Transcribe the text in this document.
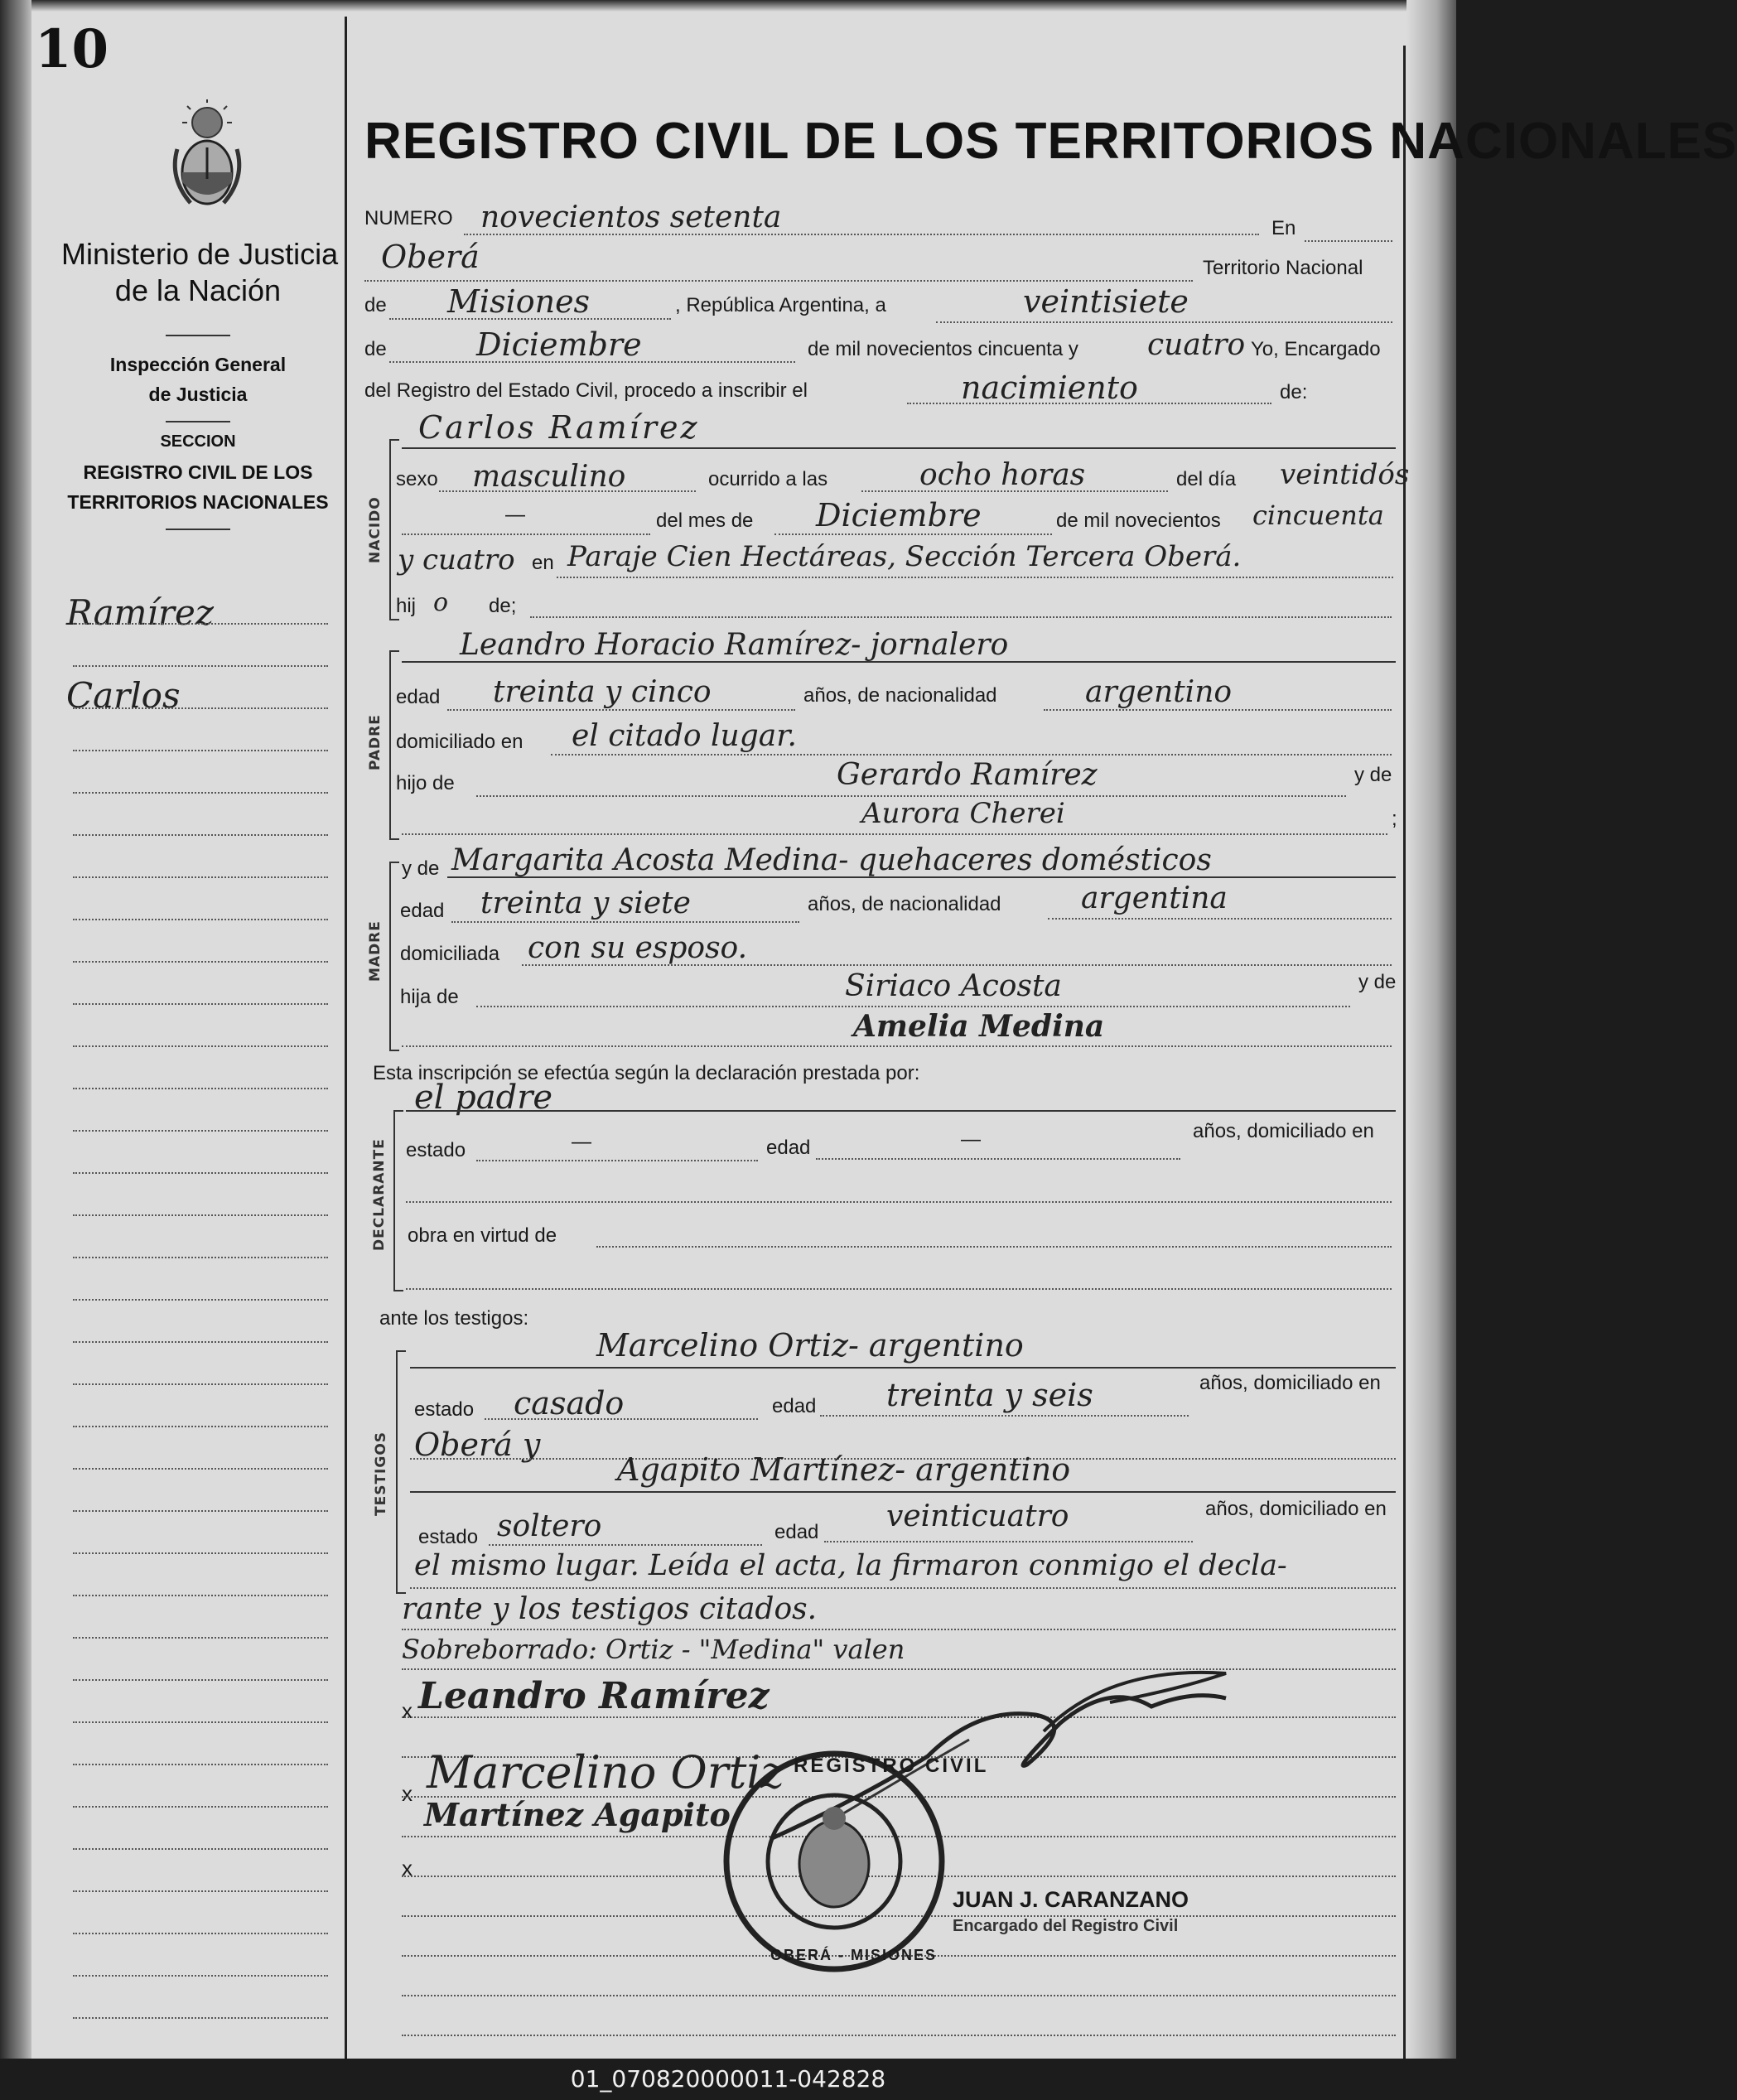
10
Ministerio de Justicia
de la Nación
Inspección General
de Justicia
SECCION
REGISTRO CIVIL DE LOS
TERRITORIOS NACIONALES
Ramírez
Carlos
REGISTRO CIVIL DE LOS TERRITORIOS NACIONALES
NUMERO novecientos setenta	En
Oberá	Territorio Nacional
de Misiones	, República Argentina, a	veintisiete
de	Diciembre	de mil novecientos cincuenta y cuatro Yo, Encargado
del Registro del Estado Civil, procedo a inscribir el	nacimiento	de:
NACIDO
Carlos Ramírez
sexo masculino	ocurrido a las	ocho horas	del día veintidós
—	del mes de Diciembre	de mil novecientos cincuenta
y cuatro en Paraje Cien Hectáreas, Sección Tercera Oberá.
hij o de;
PADRE
Leandro Horacio Ramírez- jornalero
edad treinta y cinco	años, de nacionalidad	argentino
domiciliado en el citado lugar.
hijo de	Gerardo Ramírez	y de
Aurora Cherei	;
MADRE
y de Margarita Acosta Medina- quehaceres domésticos
edad treinta y siete	años, de nacionalidad	argentina
domiciliada con su esposo.
hija de	Siriaco Acosta	y de
Amelia Medina
Esta inscripción se efectúa según la declaración prestada por:
DECLARANTE
el padre
estado	—	edad	—	años, domiciliado en
obra en virtud de
ante los testigos:
TESTIGOS
Marcelino Ortiz- argentino
estado casado	edad treinta y seis	años, domiciliado en
Oberá y
Agapito Martínez- argentino
estado soltero	edad veinticuatro	años, domiciliado en
el mismo lugar. Leída el acta, la firmaron conmigo el decla-
rante y los testigos citados.
Sobreborrado: Ortiz - "Medina" valen
x Leandro Ramírez
x Marcelino Ortiz
Martínez Agapito
x
REGISTRO CIVIL
OBERÁ - MISIONES
JUAN J. CARANZANO
Encargado del Registro Civil
01_070820000011-042828
